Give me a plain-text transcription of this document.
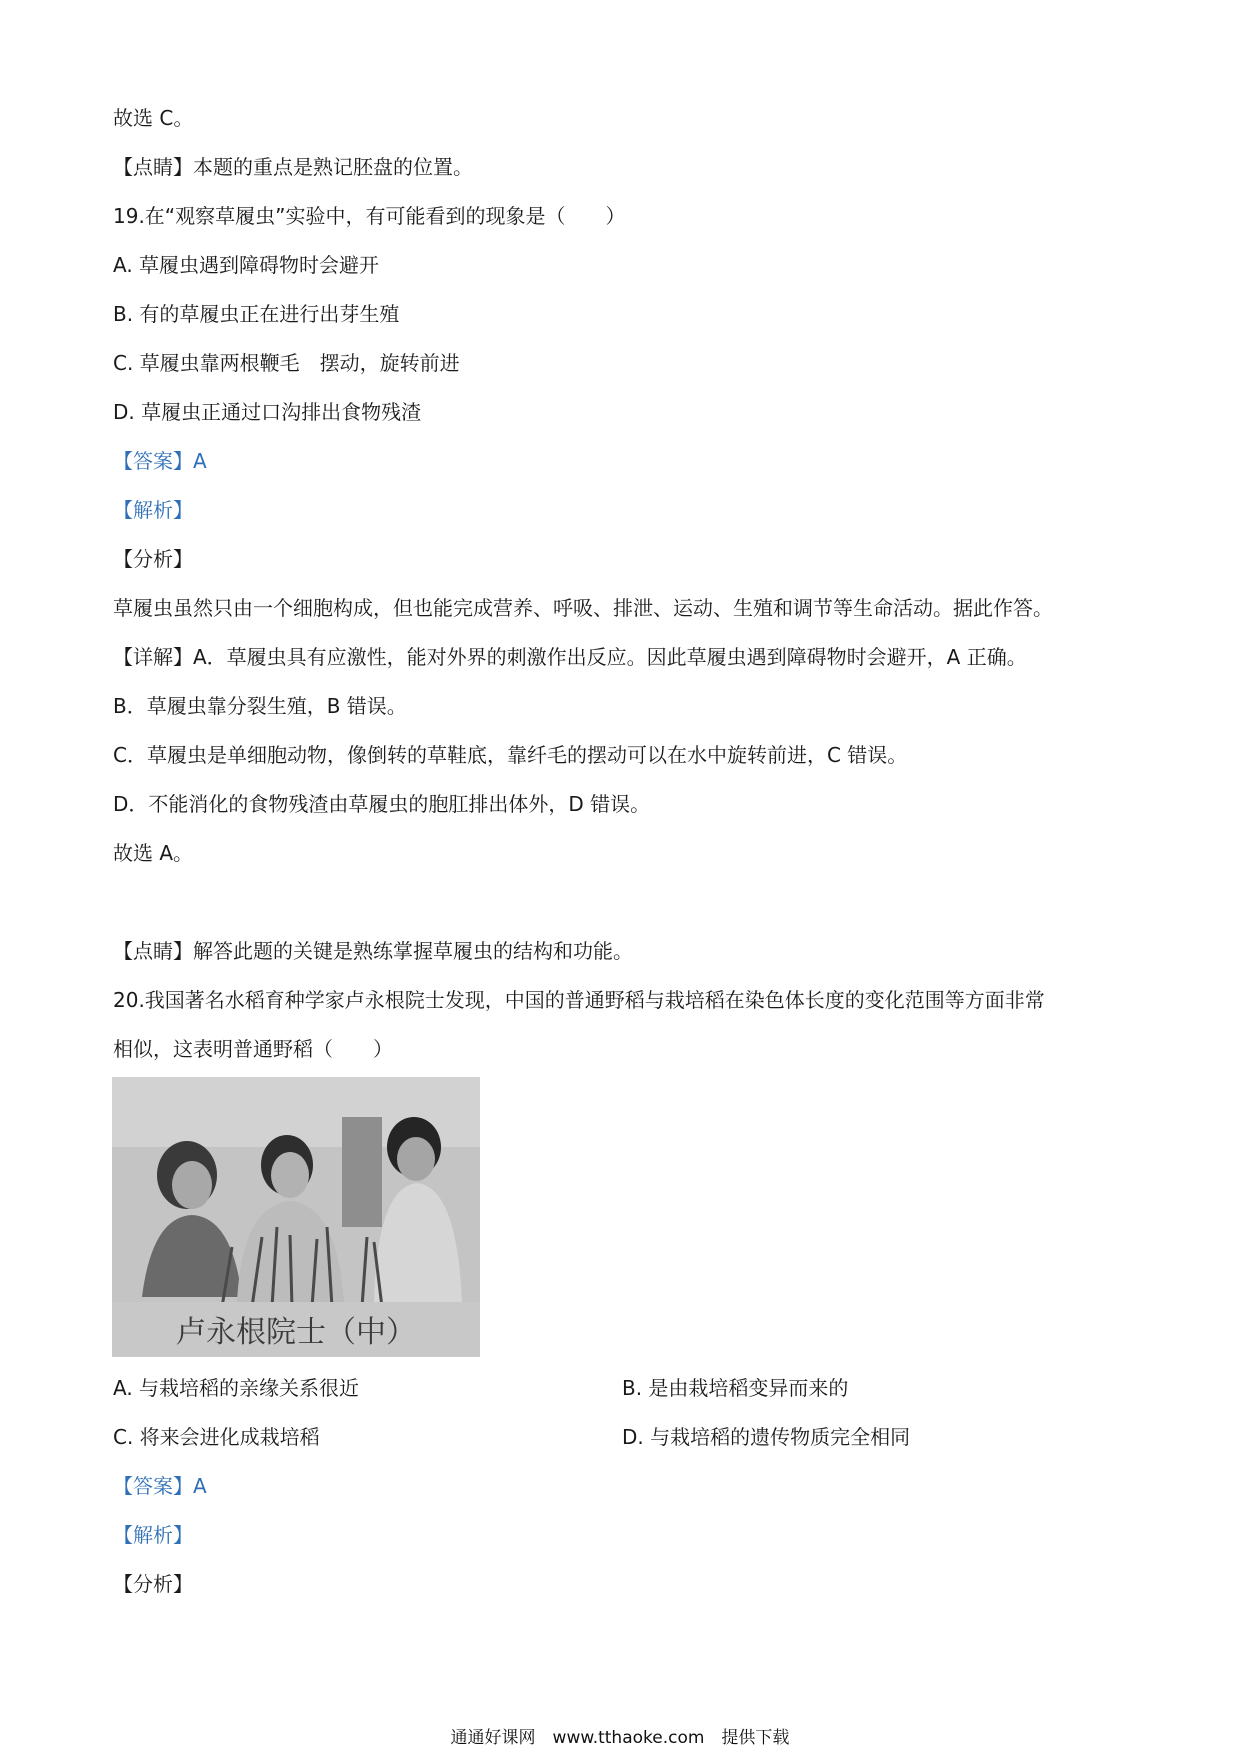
故选 C。
【点睛】本题的重点是熟记胚盘的位置。
19.在“观察草履虫”实验中，有可能看到的现象是（　　）
A. 草履虫遇到障碍物时会避开
B. 有的草履虫正在进行出芽生殖
C. 草履虫靠两根鞭毛　摆动，旋转前进
D. 草履虫正通过口沟排出食物残渣
【答案】A
【解析】
【分析】
草履虫虽然只由一个细胞构成，但也能完成营养、呼吸、排泄、运动、生殖和调节等生命活动。据此作答。
【详解】A．草履虫具有应激性，能对外界的刺激作出反应。因此草履虫遇到障碍物时会避开，A 正确。
B．草履虫靠分裂生殖，B 错误。
C．草履虫是单细胞动物，像倒转的草鞋底，靠纤毛的摆动可以在水中旋转前进，C 错误。
D．不能消化的食物残渣由草履虫的胞肛排出体外，D 错误。
故选 A。
【点睛】解答此题的关键是熟练掌握草履虫的结构和功能。
20.我国著名水稻育种学家卢永根院士发现，中国的普通野稻与栽培稻在染色体长度的变化范围等方面非常
相似，这表明普通野稻（　　）
卢永根院士（中）
A. 与栽培稻的亲缘关系很近	B. 是由栽培稻变异而来的
C. 将来会进化成栽培稻	D. 与栽培稻的遗传物质完全相同
【答案】A
【解析】
【分析】
通通好课网　www.tthaoke.com　提供下载
